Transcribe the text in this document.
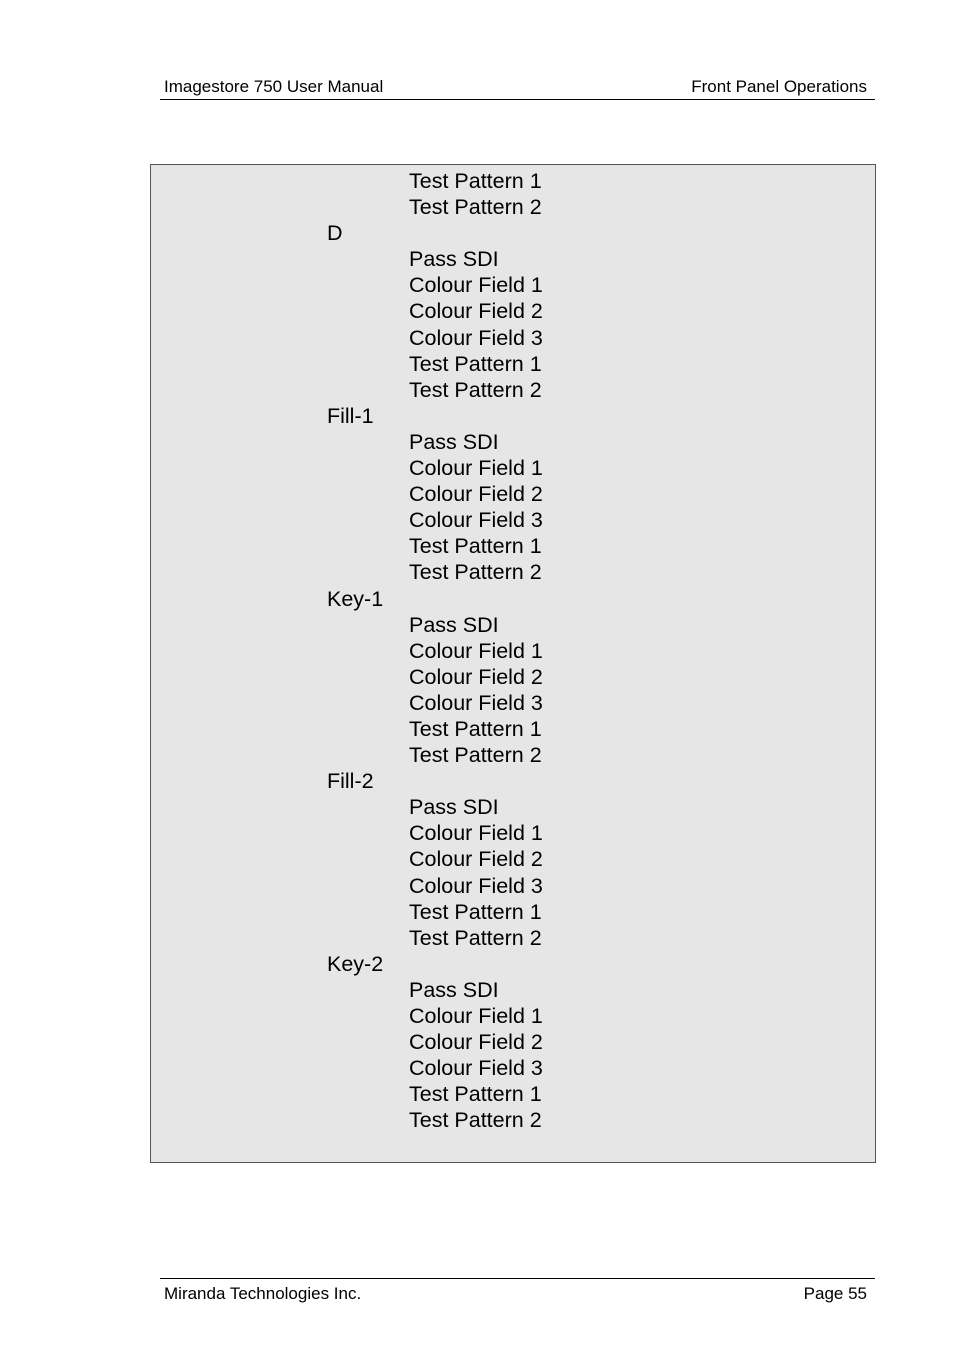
Imagestore 750 User Manual	Front Panel Operations
Test Pattern 1
Test Pattern 2
D
Pass SDI
Colour Field 1
Colour Field 2
Colour Field 3
Test Pattern 1
Test Pattern 2
Fill-1
Pass SDI
Colour Field 1
Colour Field 2
Colour Field 3
Test Pattern 1
Test Pattern 2
Key-1
Pass SDI
Colour Field 1
Colour Field 2
Colour Field 3
Test Pattern 1
Test Pattern 2
Fill-2
Pass SDI
Colour Field 1
Colour Field 2
Colour Field 3
Test Pattern 1
Test Pattern 2
Key-2
Pass SDI
Colour Field 1
Colour Field 2
Colour Field 3
Test Pattern 1
Test Pattern 2
Miranda Technologies Inc.	Page 55
